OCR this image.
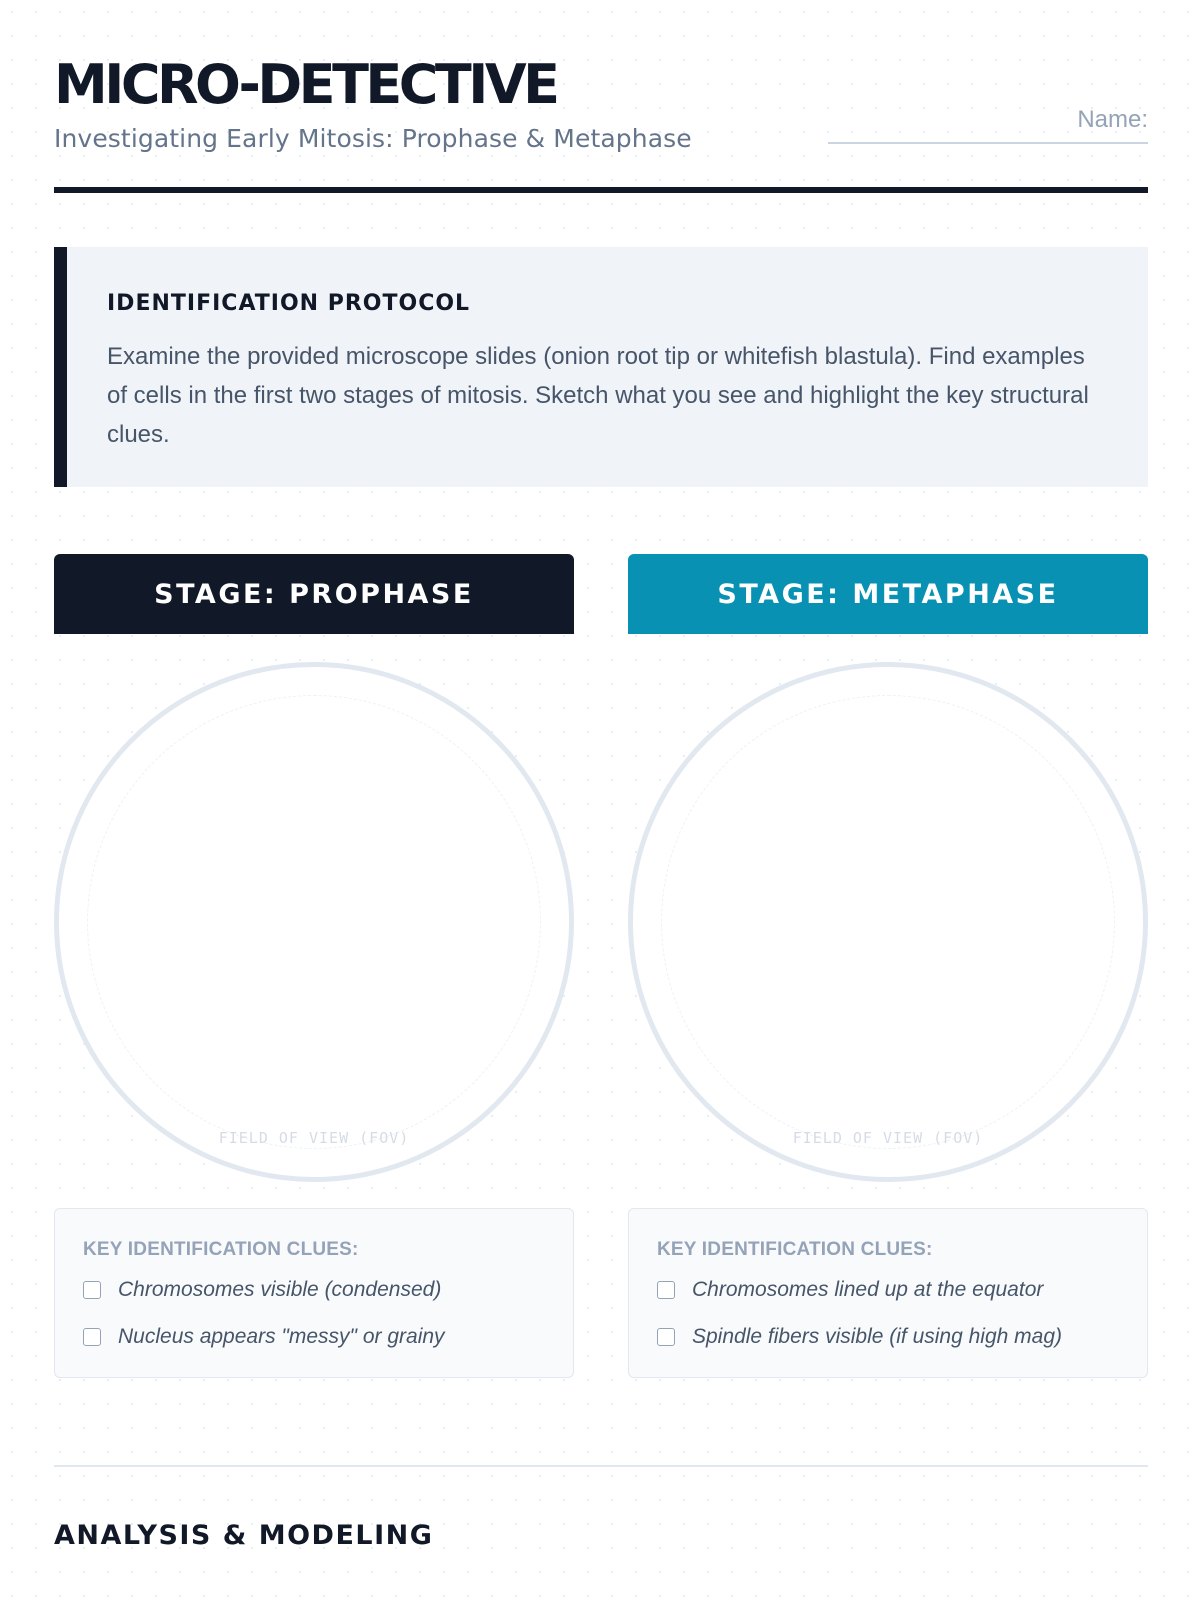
MICRO-DETECTIVE
Investigating Early Mitosis: Prophase & Metaphase
Name:
IDENTIFICATION PROTOCOL
Examine the provided microscope slides (onion root tip or whitefish blastula). Find examples of cells in the first two stages of mitosis. Sketch what you see and highlight the key structural clues.
STAGE: PROPHASE
FIELD OF VIEW (FOV)
KEY IDENTIFICATION CLUES:
Chromosomes visible (condensed)
Nucleus appears "messy" or grainy
STAGE: METAPHASE
FIELD OF VIEW (FOV)
KEY IDENTIFICATION CLUES:
Chromosomes lined up at the equator
Spindle fibers visible (if using high mag)
ANALYSIS & MODELING
